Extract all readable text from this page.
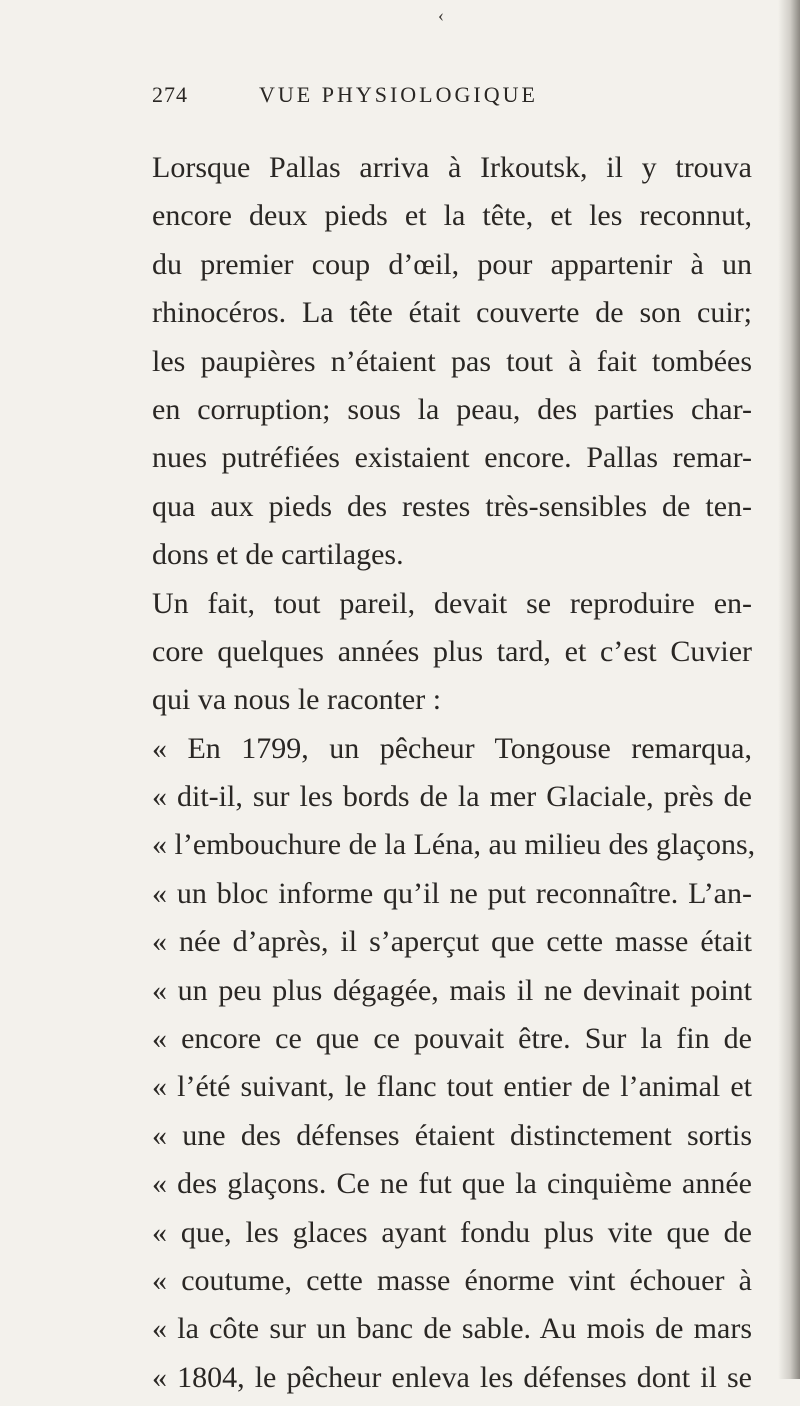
‹
274	VUE PHYSIOLOGIQUE
Lorsque Pallas arriva à Irkoutsk, il y trouva
encore deux pieds et la tête, et les reconnut,
du premier coup d’œil, pour appartenir à un
rhinocéros. La tête était couverte de son cuir;
les paupières n’étaient pas tout à fait tombées
en corruption; sous la peau, des parties char-
nues putréfiées existaient encore. Pallas remar-
qua aux pieds des restes très-sensibles de ten-
dons et de cartilages.
Un fait, tout pareil, devait se reproduire en-
core quelques années plus tard, et c’est Cuvier
qui va nous le raconter :
« En 1799, un pêcheur Tongouse remarqua,
« dit-il, sur les bords de la mer Glaciale, près de
« l’embouchure de la Léna, au milieu des glaçons,
« un bloc informe qu’il ne put reconnaître. L’an-
« née d’après, il s’aperçut que cette masse était
« un peu plus dégagée, mais il ne devinait point
« encore ce que ce pouvait être. Sur la fin de
« l’été suivant, le flanc tout entier de l’animal et
« une des défenses étaient distinctement sortis
« des glaçons. Ce ne fut que la cinquième année
« que, les glaces ayant fondu plus vite que de
« coutume, cette masse énorme vint échouer à
« la côte sur un banc de sable. Au mois de mars
« 1804, le pêcheur enleva les défenses dont il se
